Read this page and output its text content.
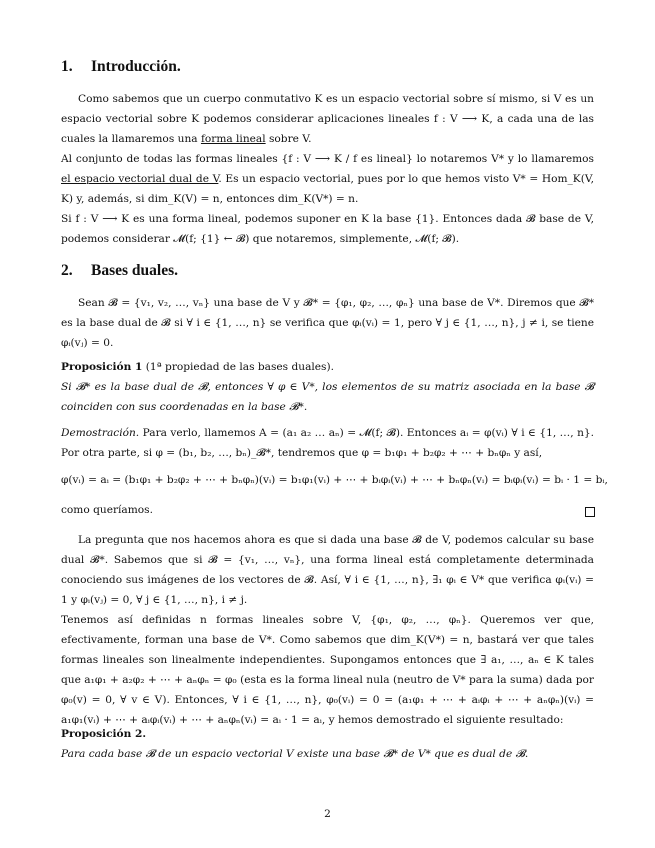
1. Introducción.

Como sabemos que un cuerpo conmutativo K es un espacio vectorial sobre sí mismo, si V es un espacio vectorial sobre K podemos considerar aplicaciones lineales f : V ⟶ K, a cada una de las cuales la llamaremos una forma lineal sobre V.

Al conjunto de todas las formas lineales {f : V ⟶ K / f es lineal} lo notaremos V* y lo llamaremos el espacio vectorial dual de V. Es un espacio vectorial, pues por lo que hemos visto V* = Hom_K(V, K) y, además, si dim_K(V) = n, entonces dim_K(V*) = n.

Si f : V ⟶ K es una forma lineal, podemos suponer en K la base {1}. Entonces dada 𝓑 base de V, podemos considerar 𝓜(f; {1} ← 𝓑) que notaremos, simplemente, 𝓜(f; 𝓑).

2. Bases duales.

Sean 𝓑 = {v₁, v₂, …, vₙ} una base de V y 𝓑* = {φ₁, φ₂, …, φₙ} una base de V*. Diremos que 𝓑* es la base dual de 𝓑 si ∀ i ∈ {1, …, n} se verifica que φᵢ(vᵢ) = 1, pero ∀ j ∈ {1, …, n}, j ≠ i, se tiene φᵢ(vⱼ) = 0.

Proposición 1 (1ª propiedad de las bases duales).

Si 𝓑* es la base dual de 𝓑, entonces ∀ φ ∈ V*, los elementos de su matriz asociada en la base 𝓑 coinciden con sus coordenadas en la base 𝓑*.

Demostración. Para verlo, llamemos A = (a₁ a₂ … aₙ) = 𝓜(f; 𝓑). Entonces aᵢ = φ(vᵢ) ∀ i ∈ {1, …, n}. Por otra parte, si φ = (b₁, b₂, …, bₙ)_𝓑*, tendremos que φ = b₁φ₁ + b₂φ₂ + ⋯ + bₙφₙ y así,

φ(vᵢ) = aᵢ = (b₁φ₁ + b₂φ₂ + ⋯ + bₙφₙ)(vᵢ) = b₁φ₁(vᵢ) + ⋯ + bᵢφᵢ(vᵢ) + ⋯ + bₙφₙ(vᵢ) = bᵢφᵢ(vᵢ) = bᵢ · 1 = bᵢ,
como queríamos.

La pregunta que nos hacemos ahora es que si dada una base 𝓑 de V, podemos calcular su base dual 𝓑*. Sabemos que si 𝓑 = {v₁, …, vₙ}, una forma lineal está completamente determinada conociendo sus imágenes de los vectores de 𝓑. Así, ∀ i ∈ {1, …, n}, ∃₁ φᵢ ∈ V* que verifica φᵢ(vᵢ) = 1 y φᵢ(vⱼ) = 0, ∀ j ∈ {1, …, n}, i ≠ j.

Tenemos así definidas n formas lineales sobre V, {φ₁, φ₂, …, φₙ}. Queremos ver que, efectivamente, forman una base de V*. Como sabemos que dim_K(V*) = n, bastará ver que tales formas lineales son linealmente independientes. Supongamos entonces que ∃ a₁, …, aₙ ∈ K tales que a₁φ₁ + a₂φ₂ + ⋯ + aₙφₙ = φ₀ (esta es la forma lineal nula (neutro de V* para la suma) dada por φ₀(v) = 0, ∀ v ∈ V). Entonces, ∀ i ∈ {1, …, n}, φ₀(vᵢ) = 0 = (a₁φ₁ + ⋯ + aᵢφᵢ + ⋯ + aₙφₙ)(vᵢ) = a₁φ₁(vᵢ) + ⋯ + aᵢφᵢ(vᵢ) + ⋯ + aₙφₙ(vᵢ) = aᵢ · 1 = aᵢ, y hemos demostrado el siguiente resultado:

Proposición 2.

Para cada base 𝓑 de un espacio vectorial V existe una base 𝓑* de V* que es dual de 𝓑.

2
